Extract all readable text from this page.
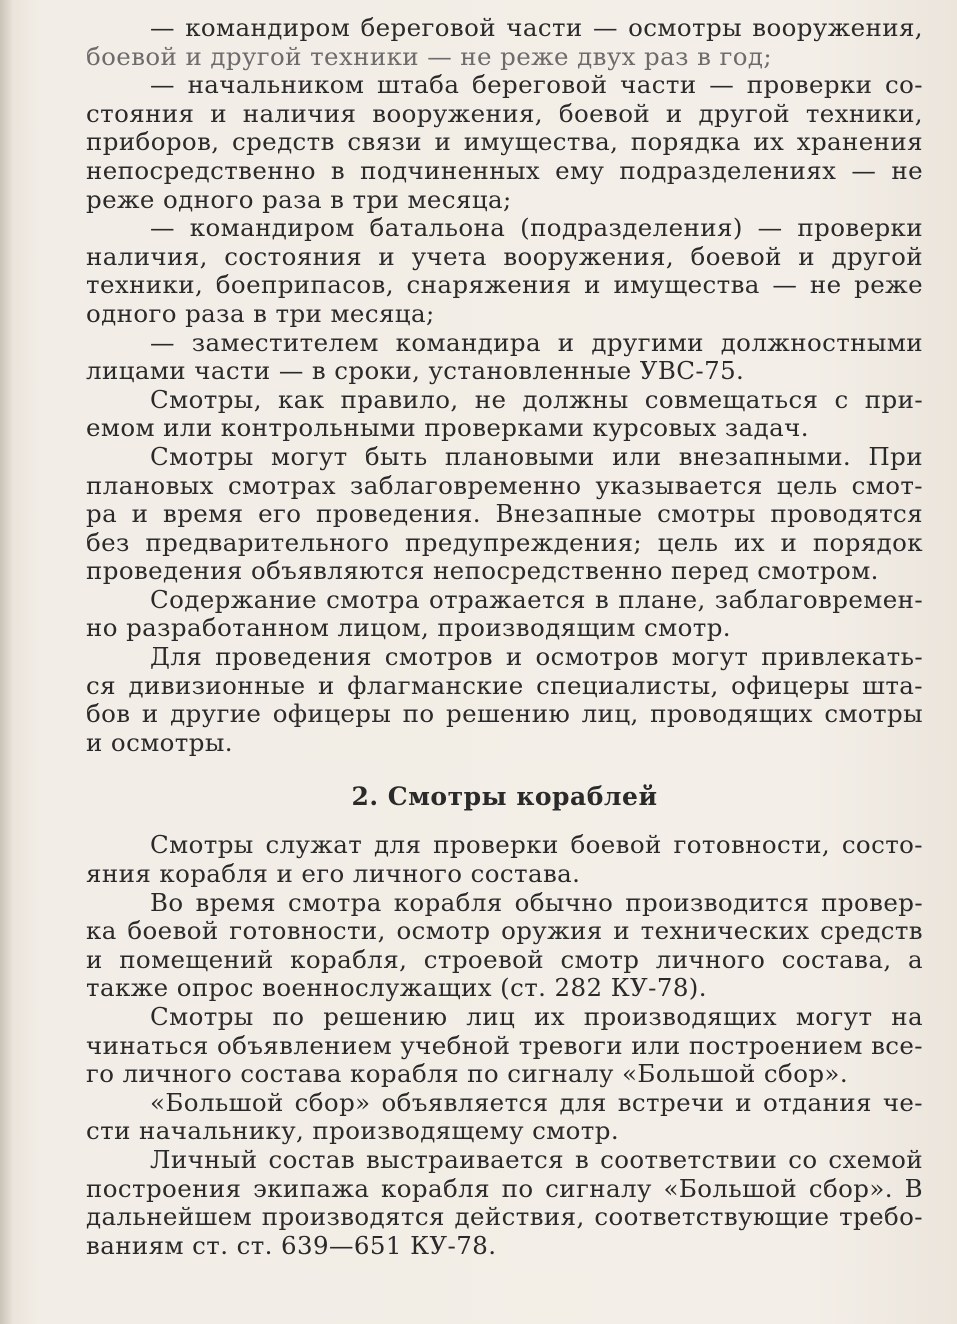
— командиром береговой части — осмотры вооружения,
боевой и другой техники — не реже двух раз в год;
— начальником штаба береговой части — проверки со-
стояния и наличия вооружения, боевой и другой техники,
приборов, средств связи и имущества, порядка их хранения
непосредственно в подчиненных ему подразделениях — не
реже одного раза в три месяца;
— командиром батальона (подразделения) — проверки
наличия, состояния и учета вооружения, боевой и другой
техники, боеприпасов, снаряжения и имущества — не реже
одного раза в три месяца;
— заместителем командира и другими должностными
лицами части — в сроки, установленные УВС-75.
Смотры, как правило, не должны совмещаться с при-
емом или контрольными проверками курсовых задач.
Смотры могут быть плановыми или внезапными. При
плановых смотрах заблаговременно указывается цель смот-
ра и время его проведения. Внезапные смотры проводятся
без предварительного предупреждения; цель их и порядок
проведения объявляются непосредственно перед смотром.
Содержание смотра отражается в плане, заблаговремен-
но разработанном лицом, производящим смотр.
Для проведения смотров и осмотров могут привлекать-
ся дивизионные и флагманские специалисты, офицеры шта-
бов и другие офицеры по решению лиц, проводящих смотры
и осмотры.
2. Смотры кораблей
Смотры служат для проверки боевой готовности, состо-
яния корабля и его личного состава.
Во время смотра корабля обычно производится провер-
ка боевой готовности, осмотр оружия и технических средств
и помещений корабля, строевой смотр личного состава, а
также опрос военнослужащих (ст. 282 КУ-78).
Смотры по решению лиц их производящих могут на
чинаться объявлением учебной тревоги или построением все-
го личного состава корабля по сигналу «Большой сбор».
«Большой сбор» объявляется для встречи и отдания че-
сти начальнику, производящему смотр.
Личный состав выстраивается в соответствии со схемой
построения экипажа корабля по сигналу «Большой сбор». В
дальнейшем производятся действия, соответствующие требо-
ваниям ст. ст. 639—651 КУ-78.
